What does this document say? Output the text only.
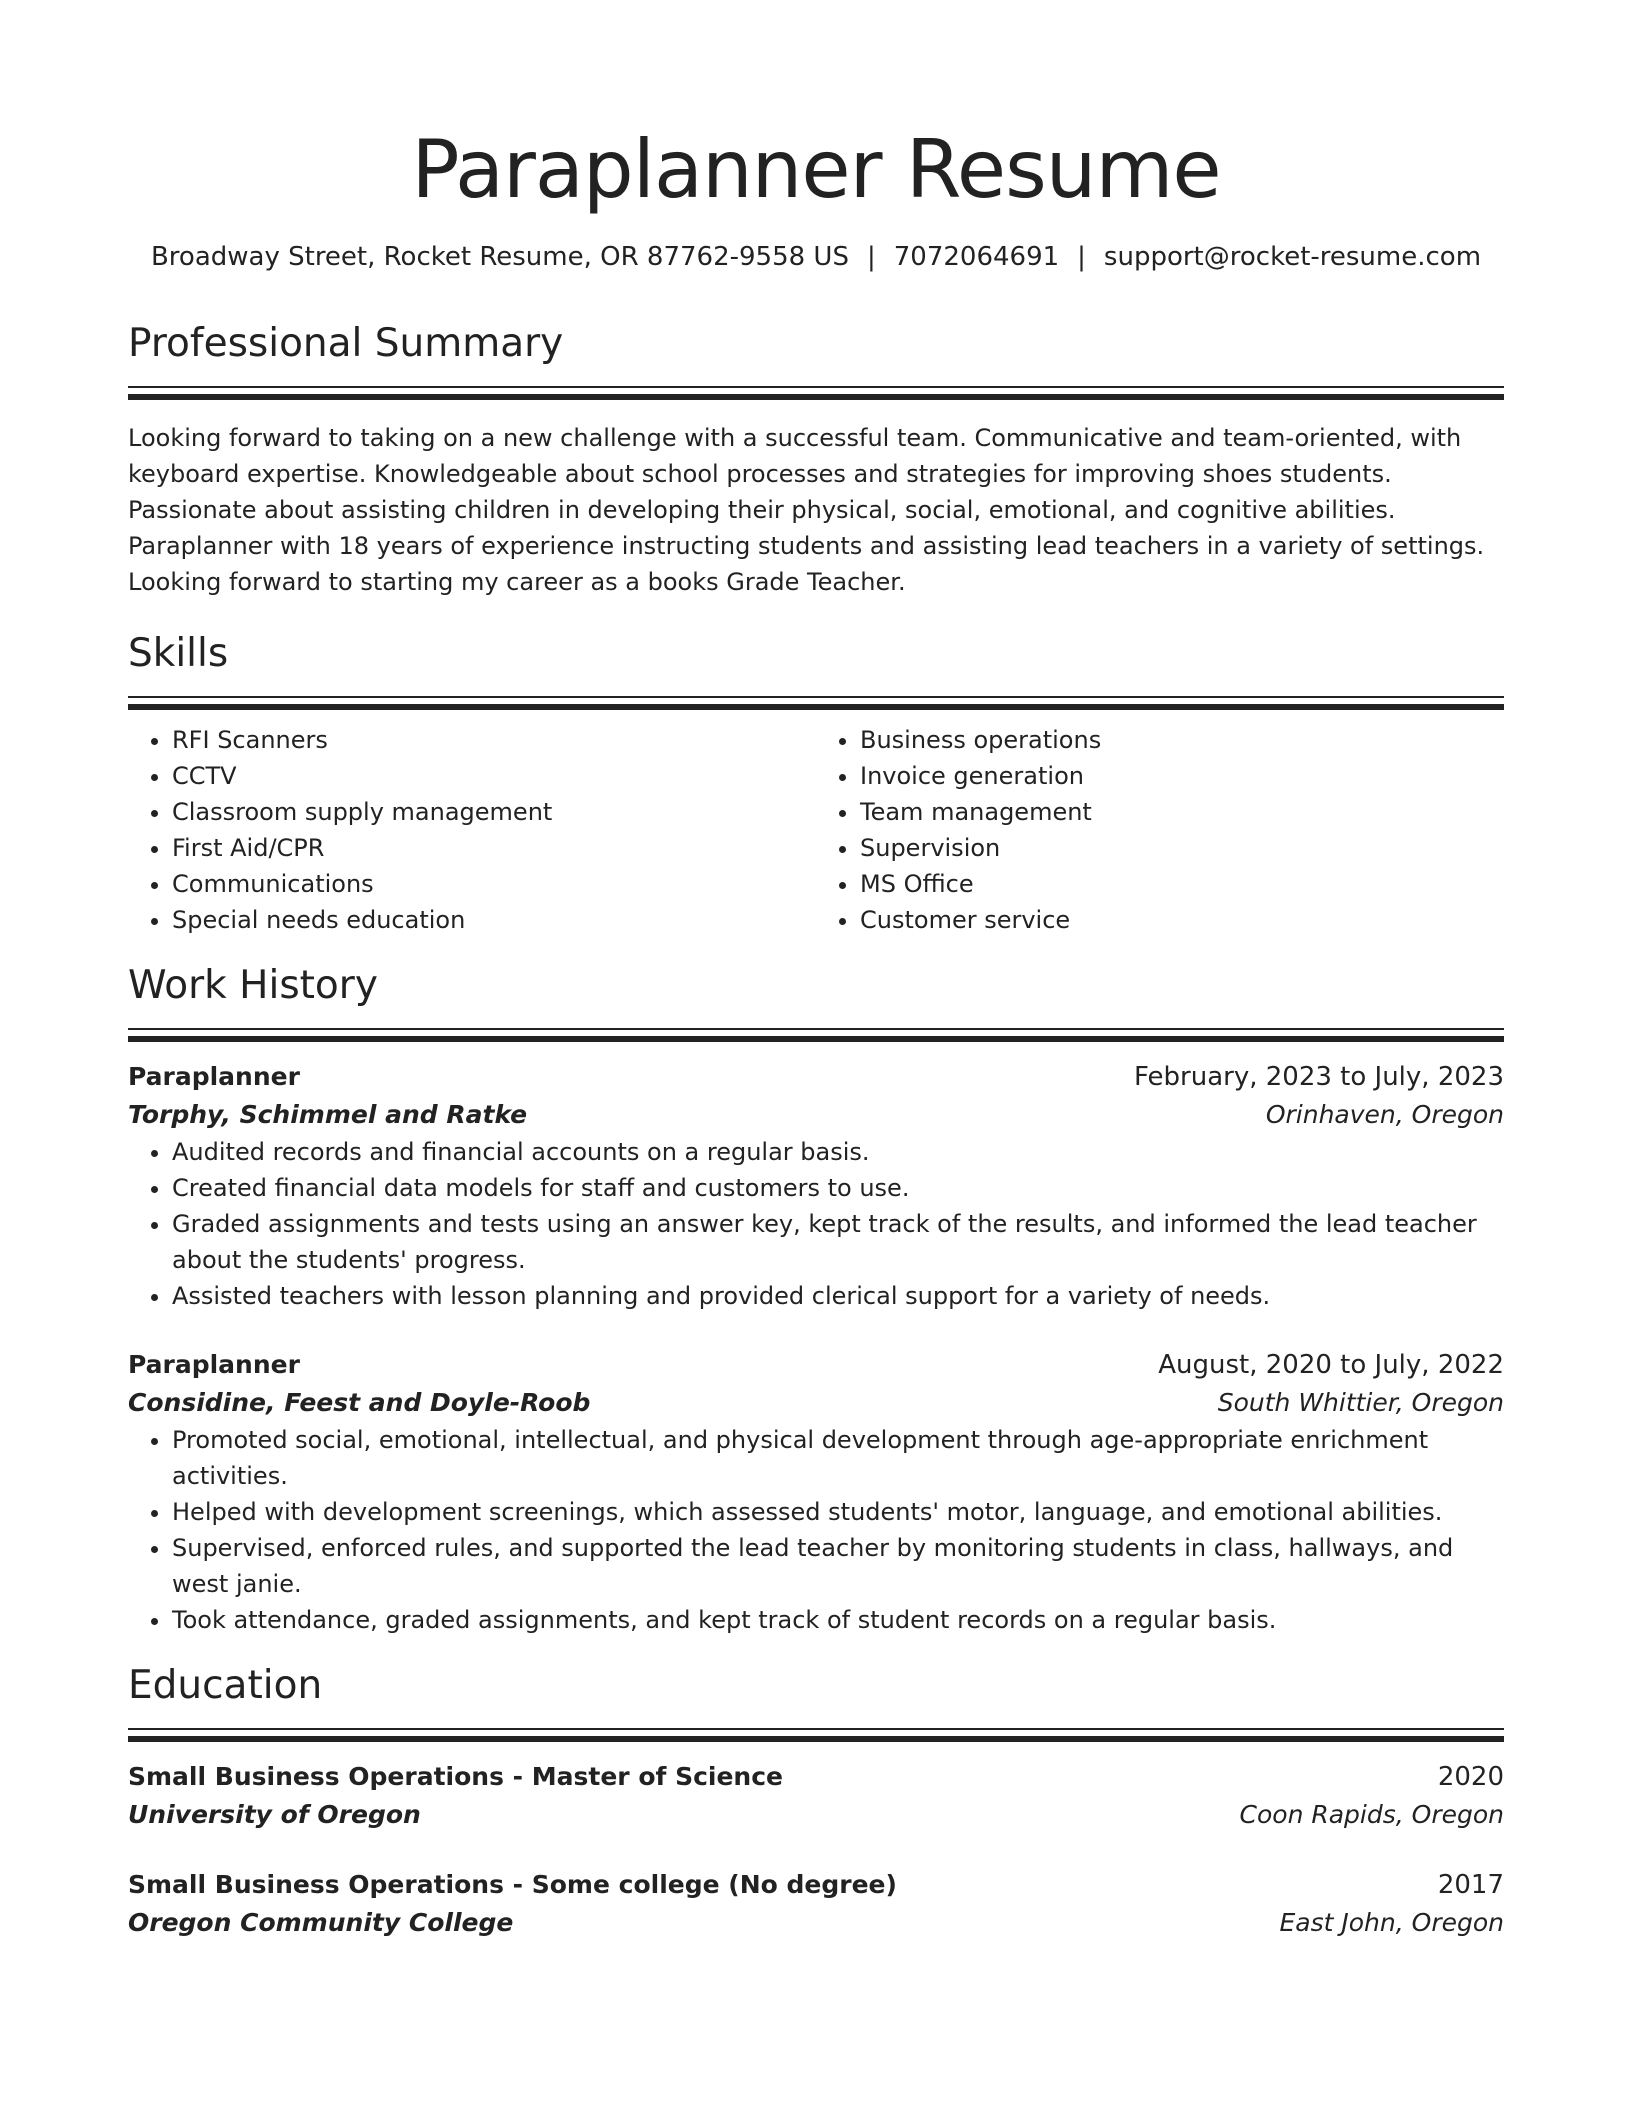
Paraplanner Resume
Broadway Street, Rocket Resume, OR 87762-9558 US | 7072064691 | support@rocket-resume.com
Professional Summary

Looking forward to taking on a new challenge with a successful team. Communicative and team-oriented, with keyboard expertise. Knowledgeable about school processes and strategies for improving shoes students. Passionate about assisting children in developing their physical, social, emotional, and cognitive abilities. Paraplanner with 18 years of experience instructing students and assisting lead teachers in a variety of settings. Looking forward to starting my career as a books Grade Teacher.

Skills
• RFI Scanners
• CCTV
• Classroom supply management
• First Aid/CPR
• Communications
• Special needs education
• Business operations
• Invoice generation
• Team management
• Supervision
• MS Office
• Customer service
Work History
Paraplanner	February, 2023 to July, 2023
Torphy, Schimmel and Ratke	Orinhaven, Oregon
• Audited records and financial accounts on a regular basis.
• Created financial data models for staff and customers to use.
• Graded assignments and tests using an answer key, kept track of the results, and informed the lead teacher about the students' progress.
• Assisted teachers with lesson planning and provided clerical support for a variety of needs.
Paraplanner	August, 2020 to July, 2022
Considine, Feest and Doyle-Roob	South Whittier, Oregon
• Promoted social, emotional, intellectual, and physical development through age-appropriate enrichment activities.
• Helped with development screenings, which assessed students' motor, language, and emotional abilities.
• Supervised, enforced rules, and supported the lead teacher by monitoring students in class, hallways, and west janie.
• Took attendance, graded assignments, and kept track of student records on a regular basis.
Education
Small Business Operations - Master of Science	2020
University of Oregon	Coon Rapids, Oregon
Small Business Operations - Some college (No degree)	2017
Oregon Community College	East John, Oregon
